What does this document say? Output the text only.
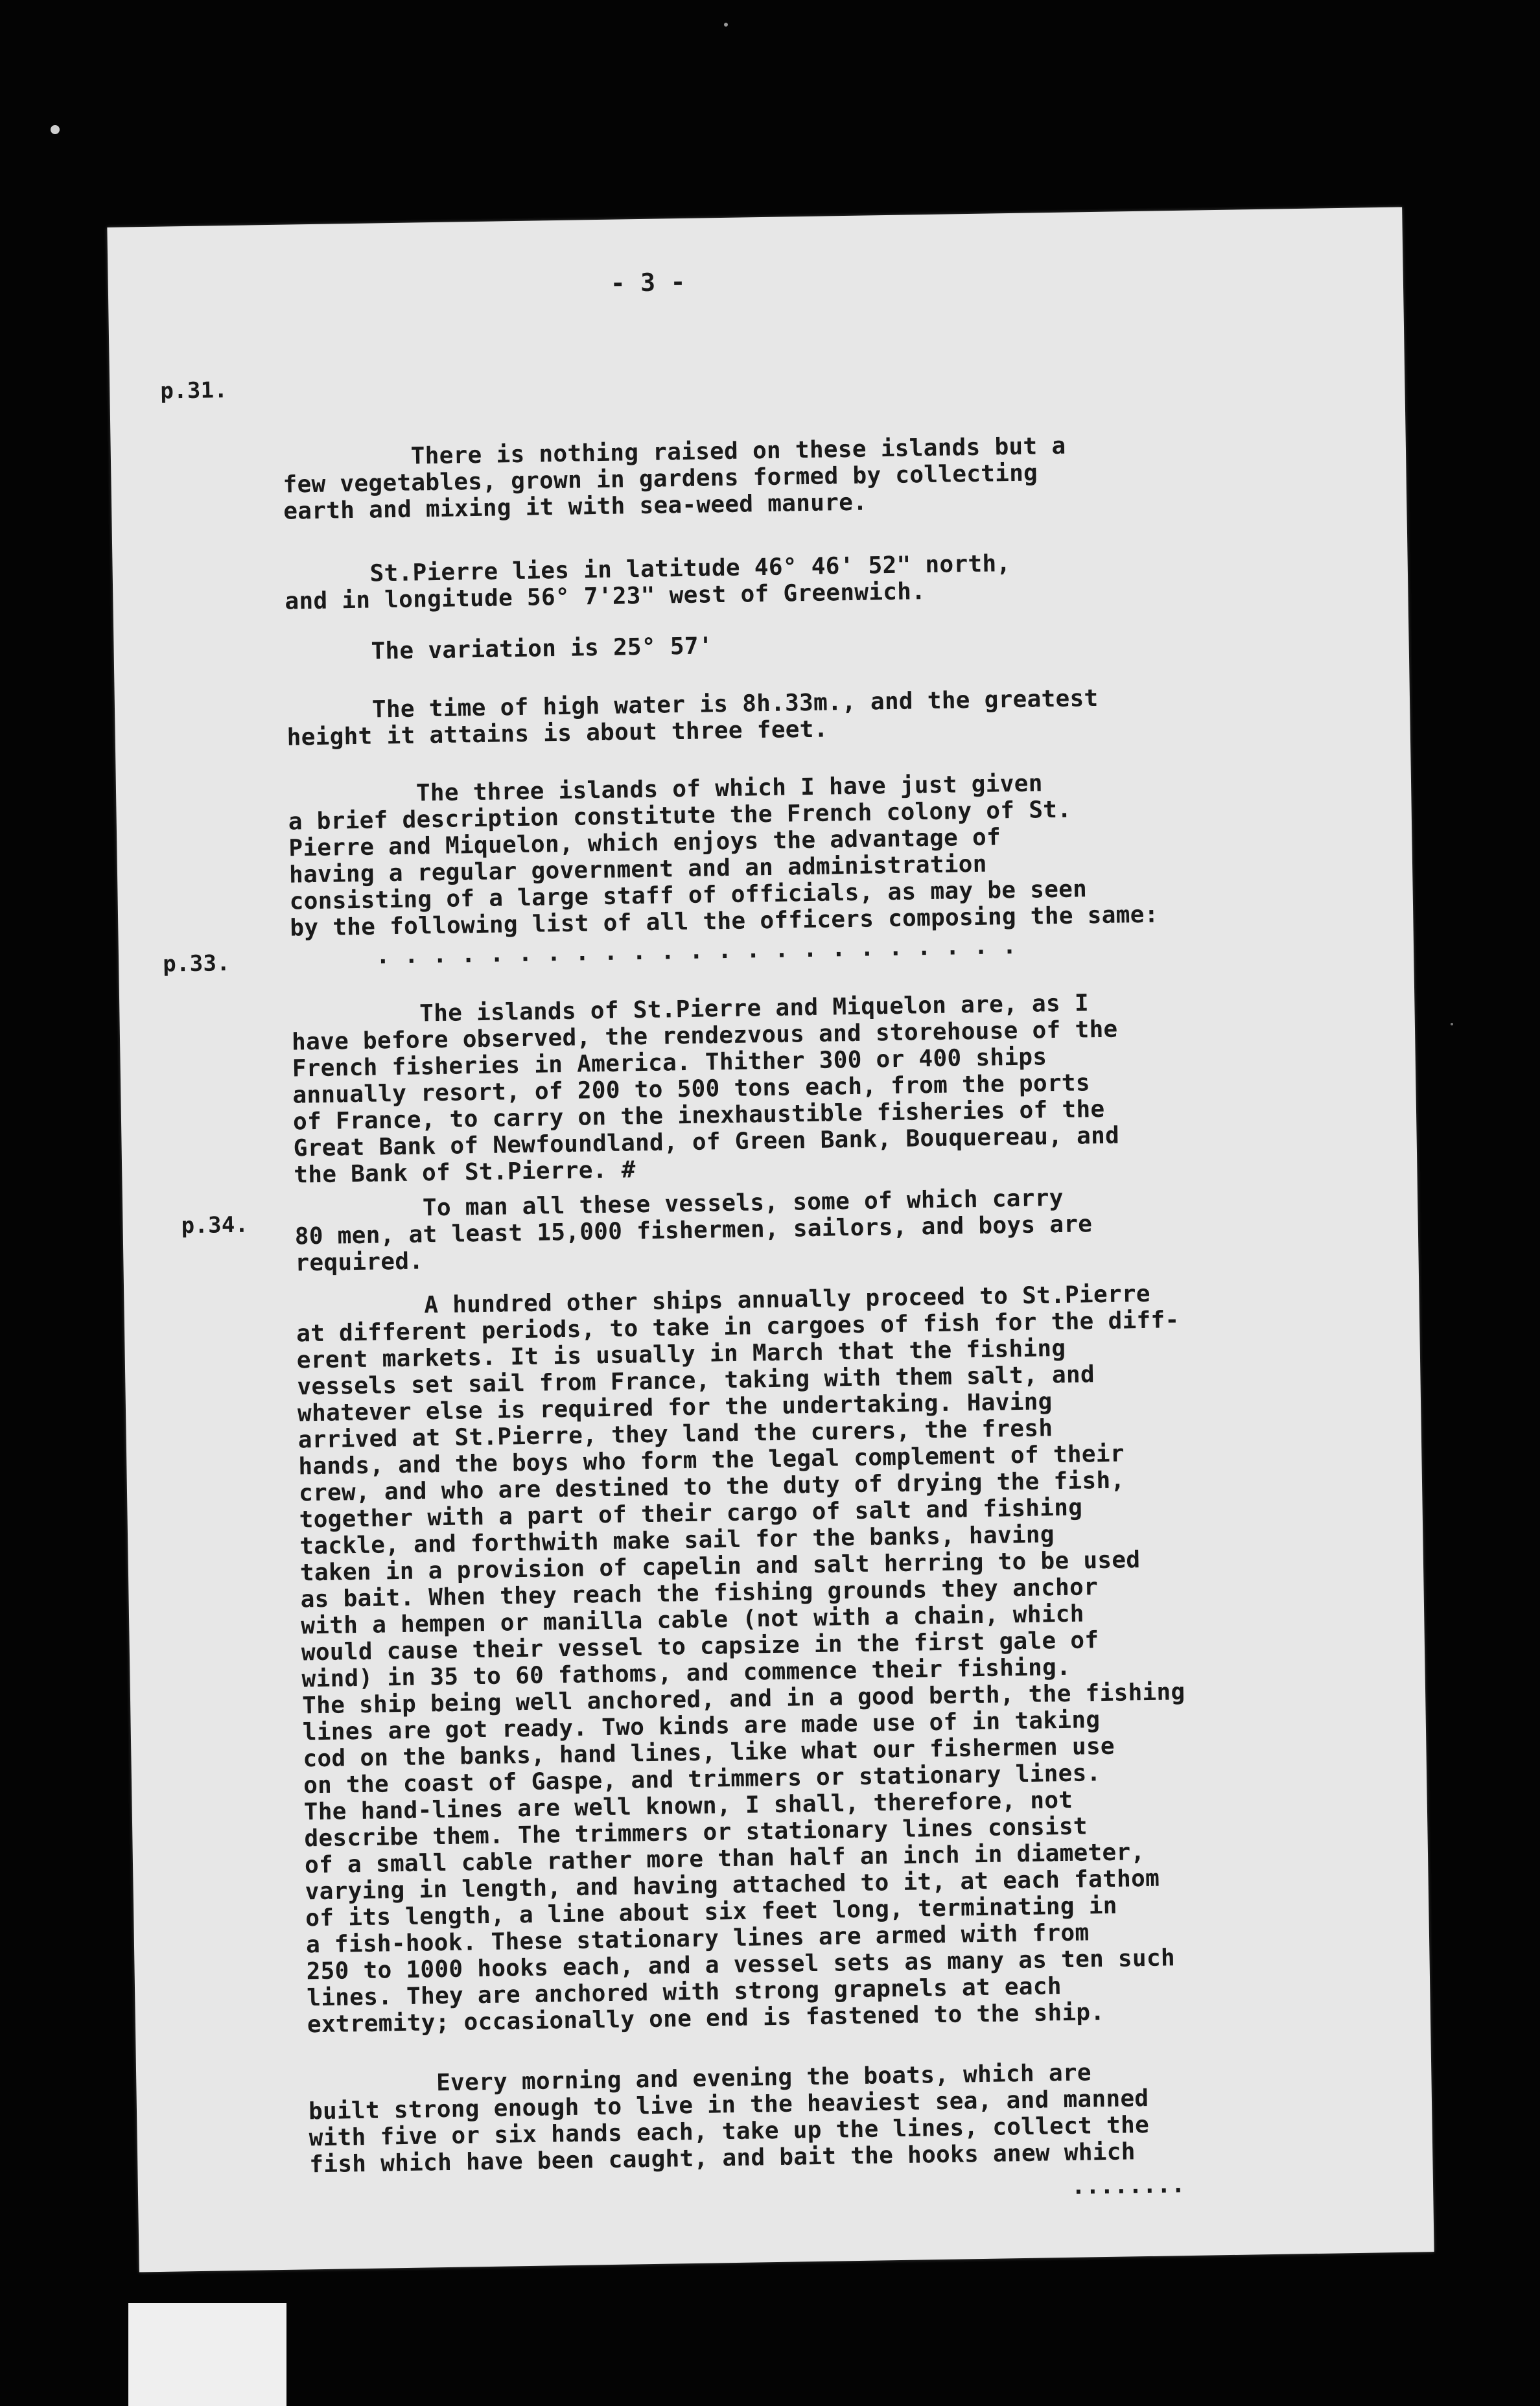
- 3 -
p.31.
p.33.
p.34.
There is nothing raised on these islands but a
few vegetables, grown in gardens formed by collecting
earth and mixing it with sea-weed manure.
St.Pierre lies in latitude 46° 46' 52" north,
and in longitude 56° 7'23" west of Greenwich.
The variation is 25° 57'
The time of high water is 8h.33m., and the greatest
height it attains is about three feet.
The three islands of which I have just given
a brief description constitute the French colony of St.
Pierre and Miquelon, which enjoys the advantage of
having a regular government and an administration
consisting of a large staff of officials, as may be seen
by the following list of all the officers composing the same:
. . . . . . . . . . . . . . . . . . . . . . .
The islands of St.Pierre and Miquelon are, as I
have before observed, the rendezvous and storehouse of the
French fisheries in America. Thither 300 or 400 ships
annually resort, of 200 to 500 tons each, from the ports
of France, to carry on the inexhaustible fisheries of the
Great Bank of Newfoundland, of Green Bank, Bouquereau, and
the Bank of St.Pierre. #
To man all these vessels, some of which carry
80 men, at least 15,000 fishermen, sailors, and boys are
required.
A hundred other ships annually proceed to St.Pierre
at different periods, to take in cargoes of fish for the diff-
erent markets. It is usually in March that the fishing
vessels set sail from France, taking with them salt, and
whatever else is required for the undertaking. Having
arrived at St.Pierre, they land the curers, the fresh
hands, and the boys who form the legal complement of their
crew, and who are destined to the duty of drying the fish,
together with a part of their cargo of salt and fishing
tackle, and forthwith make sail for the banks, having
taken in a provision of capelin and salt herring to be used
as bait. When they reach the fishing grounds they anchor
with a hempen or manilla cable (not with a chain, which
would cause their vessel to capsize in the first gale of
wind) in 35 to 60 fathoms, and commence their fishing.
The ship being well anchored, and in a good berth, the fishing
lines are got ready. Two kinds are made use of in taking
cod on the banks, hand lines, like what our fishermen use
on the coast of Gaspe, and trimmers or stationary lines.
The hand-lines are well known, I shall, therefore, not
describe them. The trimmers or stationary lines consist
of a small cable rather more than half an inch in diameter,
varying in length, and having attached to it, at each fathom
of its length, a line about six feet long, terminating in
a fish-hook. These stationary lines are armed with from
250 to 1000 hooks each, and a vessel sets as many as ten such
lines. They are anchored with strong grapnels at each
extremity; occasionally one end is fastened to the ship.
Every morning and evening the boats, which are
built strong enough to live in the heaviest sea, and manned
with five or six hands each, take up the lines, collect the
fish which have been caught, and bait the hooks anew which
........
